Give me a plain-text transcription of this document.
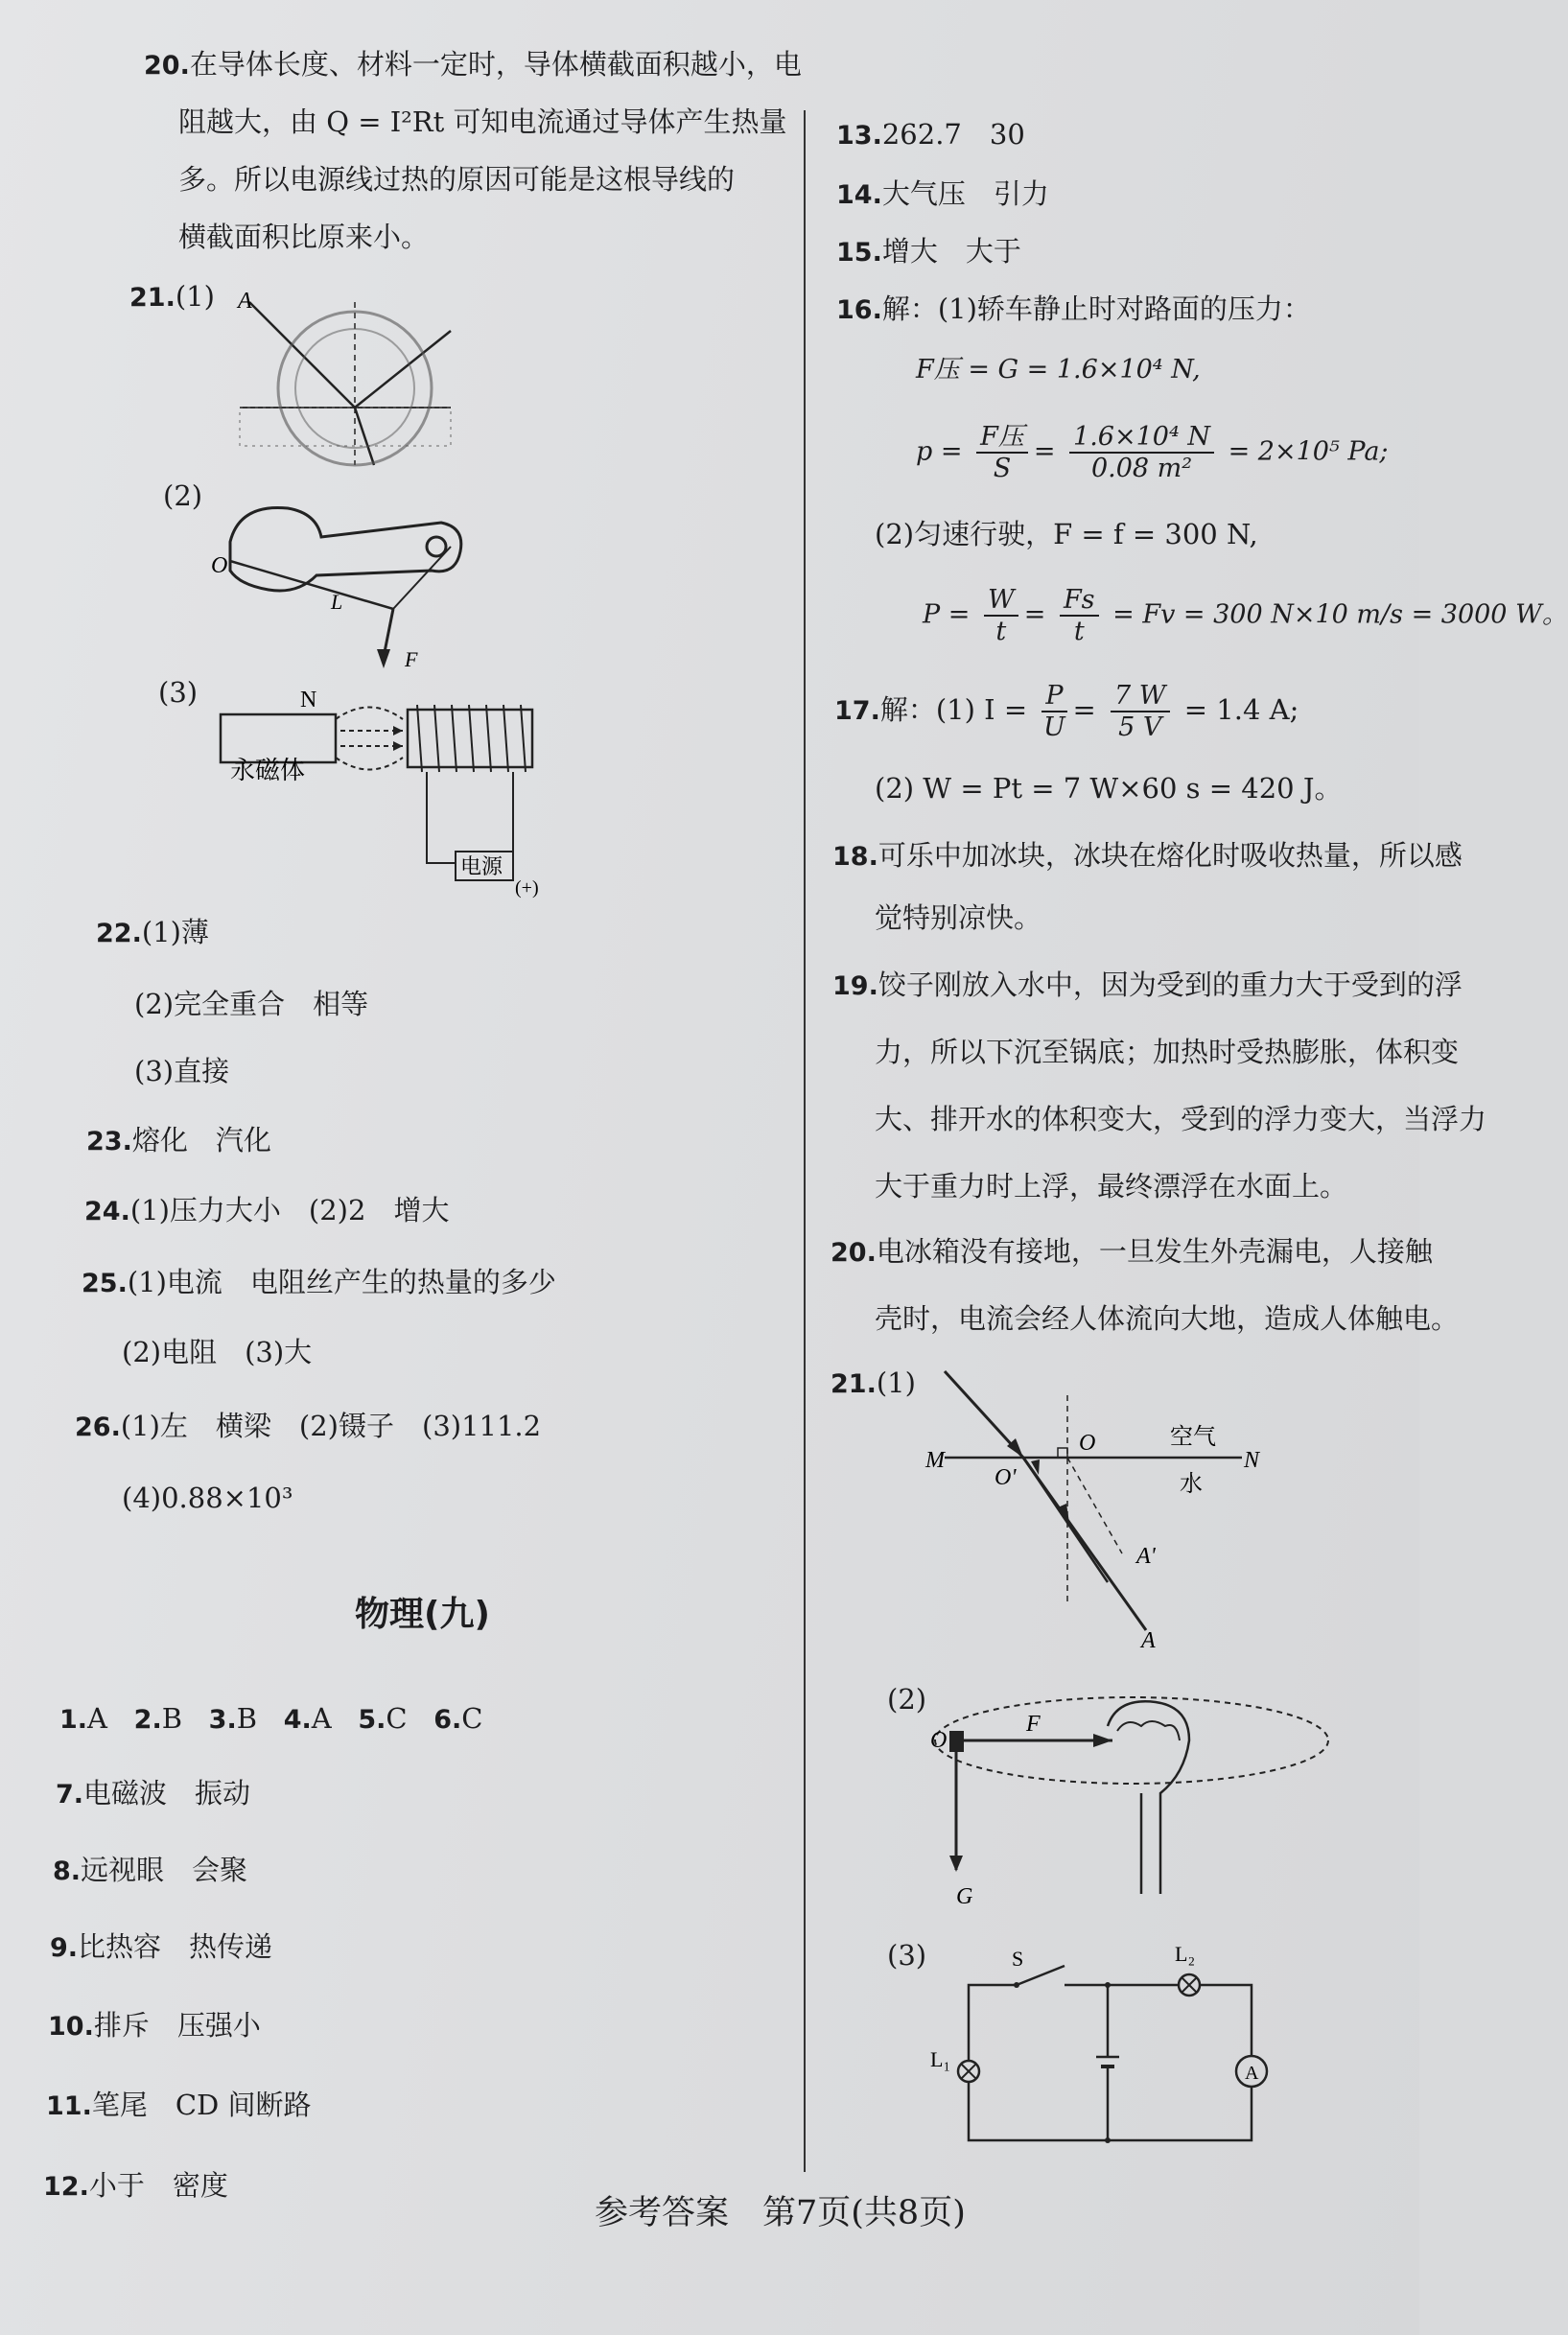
20.在导体长度、材料一定时，导体横截面积越小，电
阻越大，由 Q = I²Rt 可知电流通过导体产生热量
多。所以电源线过热的原因可能是这根导线的
横截面积比原来小。
21.(1) A
(2)
O
L
F
(3)	N
永磁体
电源
(+)
22.(1)薄
(2)完全重合　相等
(3)直接
23.熔化　汽化
24.(1)压力大小　(2)2　增大
25.(1)电流　电阻丝产生的热量的多少
(2)电阻　(3)大
26.(1)左　横梁　(2)镊子　(3)111.2
(4)0.88×10³
物理(九)
1.A 2.B 3.B 4.A 5.C 6.C
7.电磁波　振动
8.远视眼　会聚
9.比热容　热传递
10.排斥　压强小
11.笔尾　CD 间断路
12.小于　密度
13.262.7　30
14.大气压　引力
15.增大　大于
16.解：(1)轿车静止时对路面的压力：
F压 = G = 1.6×10⁴ N,
$p = \frac{\text{F压}}{S} = \frac{\text{1.6×10⁴ N}}{\text{0.08 m²}} = 2\times 10^5$ Pa;
(2)匀速行驶，F = f = 300 N,
$P = \frac{W}{t} = \frac{Fs}{t} = Fv = 300$ N×10 m/s = 3000 W。
17.解：(1) $I = \frac{P}{U} = \frac{7 W}{5 V} = 1.4$ A;
(2) W = Pt = 7 W×60 s = 420 J。
18.可乐中加冰块，冰块在熔化时吸收热量，所以感
觉特别凉快。
19.饺子刚放入水中，因为受到的重力大于受到的浮
力，所以下沉至锅底；加热时受热膨胀，体积变
大、排开水的体积变大，受到的浮力变大，当浮力
大于重力时上浮，最终漂浮在水面上。
20.电冰箱没有接地，一旦发生外壳漏电，人接触
壳时，电流会经人体流向大地，造成人体触电。
21.(1)
M	N
O
O'
空气
水
A'
A
(2)
O
F
G
(3)	S	L₂
L₁
A
参考答案　第7页(共8页)
